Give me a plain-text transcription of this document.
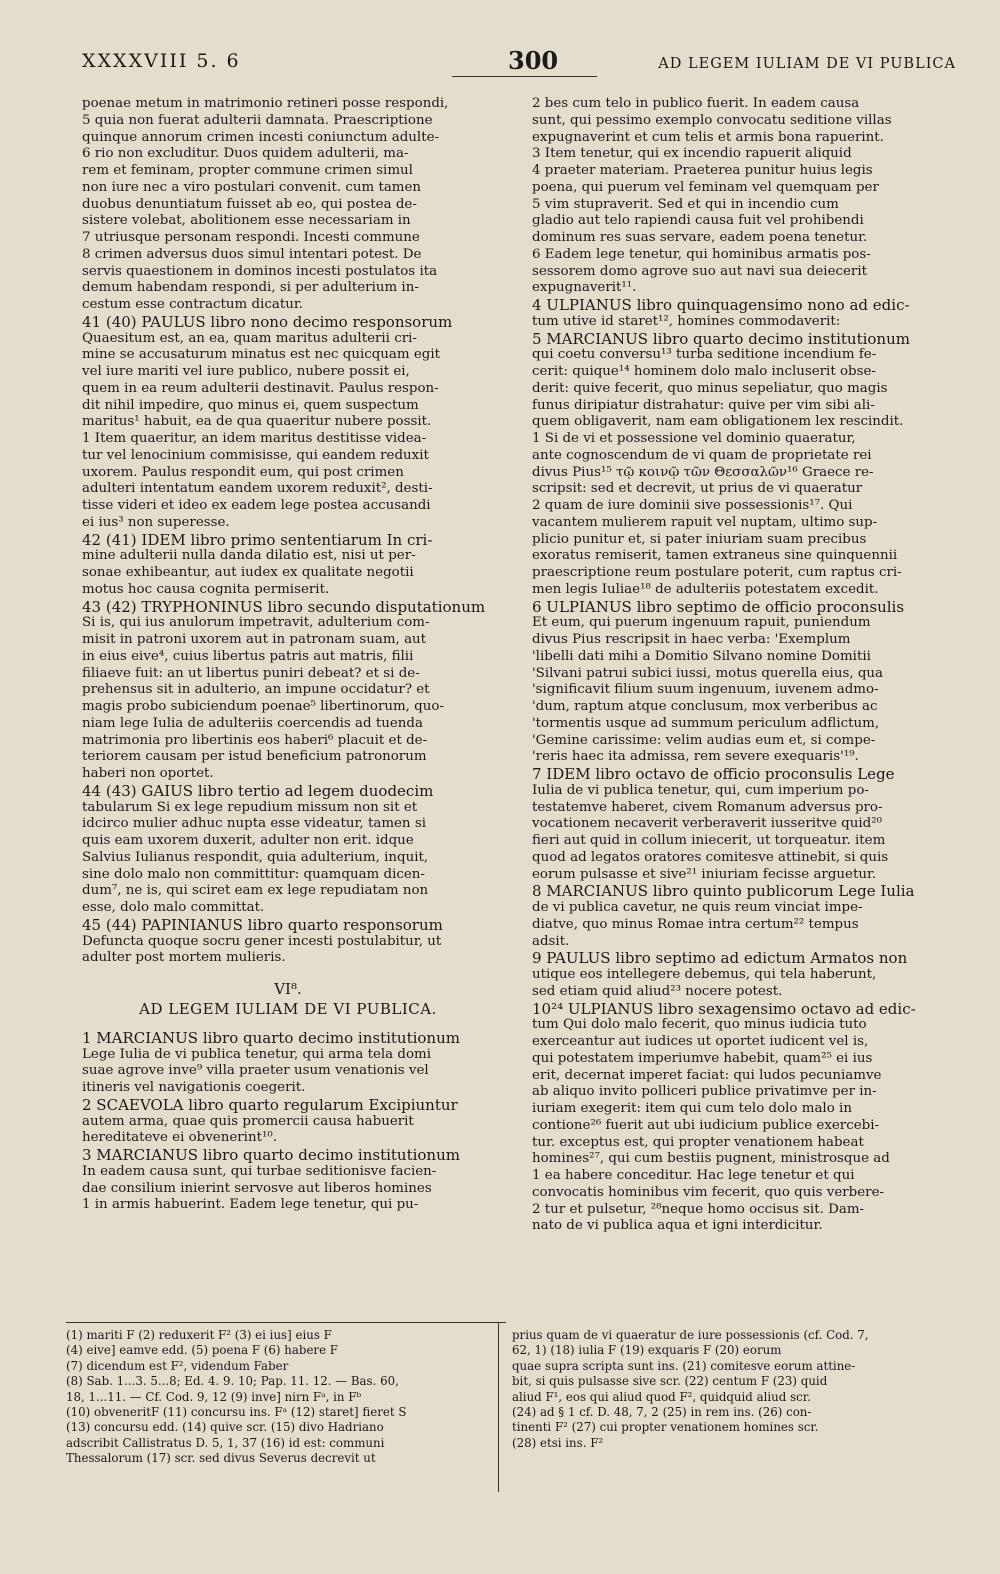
XXXXVIII 5. 6	300	AD LEGEM IULIAM DE VI PUBLICA
poenae metum in matrimonio retineri posse respondi,
5 quia non fuerat adulterii damnata. Praescriptione
quinque annorum crimen incesti coniunctum adulte-
6 rio non excluditur. Duos quidem adulterii, ma-
rem et feminam, propter commune crimen simul
non iure nec a viro postulari convenit. cum tamen
duobus denuntiatum fuisset ab eo, qui postea de-
sistere volebat, abolitionem esse necessariam in
7 utriusque personam respondi. Incesti commune
8 crimen adversus duos simul intentari potest. De
servis quaestionem in dominos incesti postulatos ita
demum habendam respondi, si per adulterium in-
cestum esse contractum dicatur.
41 (40) PAULUS libro nono decimo responsorum
Quaesitum est, an ea, quam maritus adulterii cri-
mine se accusaturum minatus est nec quicquam egit
vel iure mariti vel iure publico, nubere possit ei,
quem in ea reum adulterii destinavit. Paulus respon-
dit nihil impedire, quo minus ei, quem suspectum
maritus¹ habuit, ea de qua quaeritur nubere possit.
1 Item quaeritur, an idem maritus destitisse videa-
tur vel lenocinium commisisse, qui eandem reduxit
uxorem. Paulus respondit eum, qui post crimen
adulteri intentatum eandem uxorem reduxit², desti-
tisse videri et ideo ex eadem lege postea accusandi
ei ius³ non superesse.
42 (41) IDEM libro primo sententiarum In cri-
mine adulterii nulla danda dilatio est, nisi ut per-
sonae exhibeantur, aut iudex ex qualitate negotii
motus hoc causa cognita permiserit.
43 (42) TRYPHONINUS libro secundo disputationum
Si is, qui ius anulorum impetravit, adulterium com-
misit in patroni uxorem aut in patronam suam, aut
in eius eive⁴, cuius libertus patris aut matris, filii
filiaeve fuit: an ut libertus puniri debeat? et si de-
prehensus sit in adulterio, an impune occidatur? et
magis probo subiciendum poenae⁵ libertinorum, quo-
niam lege Iulia de adulteriis coercendis ad tuenda
matrimonia pro libertinis eos haberi⁶ placuit et de-
teriorem causam per istud beneficium patronorum
haberi non oportet.
44 (43) GAIUS libro tertio ad legem duodecim
tabularum Si ex lege repudium missum non sit et
idcirco mulier adhuc nupta esse videatur, tamen si
quis eam uxorem duxerit, adulter non erit. idque
Salvius Iulianus respondit, quia adulterium, inquit,
sine dolo malo non committitur: quamquam dicen-
dum⁷, ne is, qui sciret eam ex lege repudiatam non
esse, dolo malo committat.
45 (44) PAPINIANUS libro quarto responsorum
Defuncta quoque socru gener incesti postulabitur, ut
adulter post mortem mulieris.
VI⁸.
AD LEGEM IULIAM DE VI PUBLICA.
1 MARCIANUS libro quarto decimo institutionum
Lege Iulia de vi publica tenetur, qui arma tela domi
suae agrove inve⁹ villa praeter usum venationis vel
itineris vel navigationis coegerit.
2 SCAEVOLA libro quarto regularum Excipiuntur
autem arma, quae quis promercii causa habuerit
hereditateve ei obvenerint¹⁰.
3 MARCIANUS libro quarto decimo institutionum
In eadem causa sunt, qui turbae seditionisve facien-
dae consilium inierint servosve aut liberos homines
1 in armis habuerint. Eadem lege tenetur, qui pu-
2 bes cum telo in publico fuerit. In eadem causa
sunt, qui pessimo exemplo convocatu seditione villas
expugnaverint et cum telis et armis bona rapuerint.
3 Item tenetur, qui ex incendio rapuerit aliquid
4 praeter materiam. Praeterea punitur huius legis
poena, qui puerum vel feminam vel quemquam per
5 vim stupraverit. Sed et qui in incendio cum
gladio aut telo rapiendi causa fuit vel prohibendi
dominum res suas servare, eadem poena tenetur.
6 Eadem lege tenetur, qui hominibus armatis pos-
sessorem domo agrove suo aut navi sua deiecerit
expugnaverit¹¹.
4 ULPIANUS libro quinquagensimo nono ad edic-
tum utive id staret¹², homines commodaverit:
5 MARCIANUS libro quarto decimo institutionum
qui coetu conversu¹³ turba seditione incendium fe-
cerit: quique¹⁴ hominem dolo malo incluserit obse-
derit: quive fecerit, quo minus sepeliatur, quo magis
funus diripiatur distrahatur: quive per vim sibi ali-
quem obligaverit, nam eam obligationem lex rescindit.
1 Si de vi et possessione vel dominio quaeratur,
ante cognoscendum de vi quam de proprietate rei
divus Pius¹⁵ τῷ κοινῷ τῶν Θεσσαλῶν¹⁶ Graece re-
scripsit: sed et decrevit, ut prius de vi quaeratur
2 quam de iure dominii sive possessionis¹⁷. Qui
vacantem mulierem rapuit vel nuptam, ultimo sup-
plicio punitur et, si pater iniuriam suam precibus
exoratus remiserit, tamen extraneus sine quinquennii
praescriptione reum postulare poterit, cum raptus cri-
men legis Iuliae¹⁸ de adulteriis potestatem excedit.
6 ULPIANUS libro septimo de officio proconsulis
Et eum, qui puerum ingenuum rapuit, puniendum
divus Pius rescripsit in haec verba: 'Exemplum
'libelli dati mihi a Domitio Silvano nomine Domitii
'Silvani patrui subici iussi, motus querella eius, qua
'significavit filium suum ingenuum, iuvenem admo-
'dum, raptum atque conclusum, mox verberibus ac
'tormentis usque ad summum periculum adflictum,
'Gemine carissime: velim audias eum et, si compe-
'reris haec ita admissa, rem severe exequaris'¹⁹.
7 IDEM libro octavo de officio proconsulis Lege
Iulia de vi publica tenetur, qui, cum imperium po-
testatemve haberet, civem Romanum adversus pro-
vocationem necaverit verberaverit iusseritve quid²⁰
fieri aut quid in collum iniecerit, ut torqueatur. item
quod ad legatos oratores comitesve attinebit, si quis
eorum pulsasse et sive²¹ iniuriam fecisse arguetur.
8 MARCIANUS libro quinto publicorum Lege Iulia
de vi publica cavetur, ne quis reum vinciat impe-
diatve, quo minus Romae intra certum²² tempus
adsit.
9 PAULUS libro septimo ad edictum Armatos non
utique eos intellegere debemus, qui tela haberunt,
sed etiam quid aliud²³ nocere potest.
10²⁴ ULPIANUS libro sexagensimo octavo ad edic-
tum Qui dolo malo fecerit, quo minus iudicia tuto
exerceantur aut iudices ut oportet iudicent vel is,
qui potestatem imperiumve habebit, quam²⁵ ei ius
erit, decernat imperet faciat: qui ludos pecuniamve
ab aliquo invito polliceri publice privatimve per in-
iuriam exegerit: item qui cum telo dolo malo in
contione²⁶ fuerit aut ubi iudicium publice exercebi-
tur. exceptus est, qui propter venationem habeat
homines²⁷, qui cum bestiis pugnent, ministrosque ad
1 ea habere conceditur. Hac lege tenetur et qui
convocatis hominibus vim fecerit, quo quis verbere-
2 tur et pulsetur, ²⁸neque homo occisus sit. Dam-
nato de vi publica aqua et igni interdicitur.
(1) mariti F (2) reduxerit F² (3) ei ius] eius F
(4) eive] eamve edd. (5) poena F (6) habere F
(7) dicendum est F², videndum Faber
(8) Sab. 1...3. 5...8; Ed. 4. 9. 10; Pap. 11. 12. — Bas. 60,
18, 1...11. — Cf. Cod. 9, 12 (9) inve] nirn Fᵃ, in Fᵇ
(10) obveneritF (11) concursu ins. Fᵃ (12) staret] fieret S
(13) concursu edd. (14) quive scr. (15) divo Hadriano
adscribit Callistratus D. 5, 1, 37 (16) id est: communi
Thessalorum (17) scr. sed divus Severus decrevit ut
prius quam de vi quaeratur de iure possessionis (cf. Cod. 7,
62, 1) (18) iulia F (19) exquaris F (20) eorum
quae supra scripta sunt ins. (21) comitesve eorum attine-
bit, si quis pulsasse sive scr. (22) centum F (23) quid
aliud F¹, eos qui aliud quod F², quidquid aliud scr.
(24) ad § 1 cf. D. 48, 7, 2 (25) in rem ins. (26) con-
tinenti F² (27) cui propter venationem homines scr.
(28) etsi ins. F²
